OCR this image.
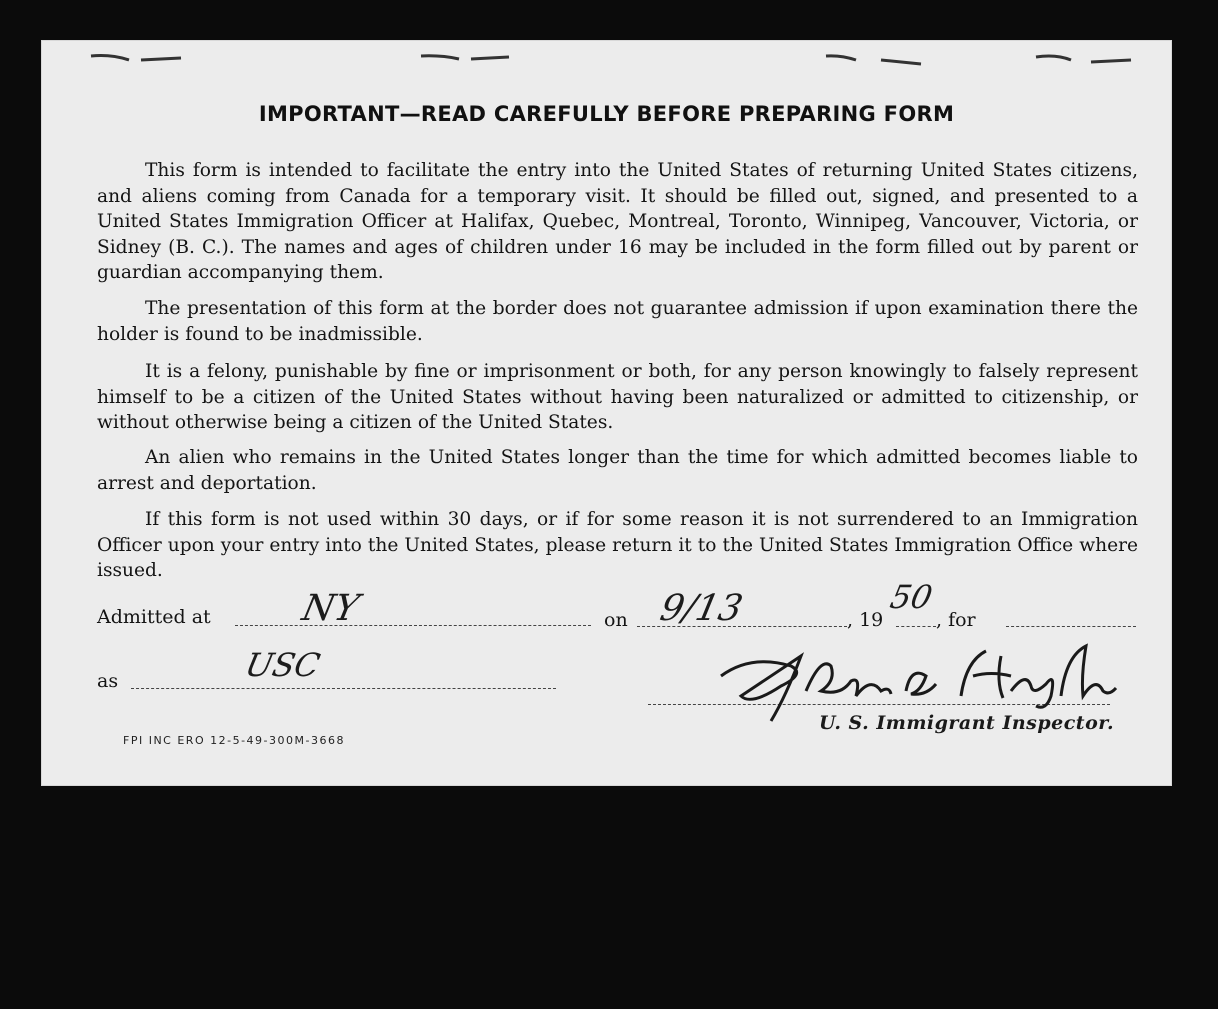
IMPORTANT—READ CAREFULLY BEFORE PREPARING FORM

This form is intended to facilitate the entry into the United States of returning United States citizens, and aliens coming from Canada for a temporary visit. It should be filled out, signed, and presented to a United States Immigration Officer at Halifax, Quebec, Montreal, Toronto, Winnipeg, Vancouver, Victoria, or Sidney (B. C.). The names and ages of children under 16 may be included in the form filled out by parent or guardian accompanying them.

The presentation of this form at the border does not guarantee admission if upon examination there the holder is found to be inadmissible.

It is a felony, punishable by fine or imprisonment or both, for any person knowingly to falsely represent himself to be a citizen of the United States without having been naturalized or admitted to citizenship, or without otherwise being a citizen of the United States.

An alien who remains in the United States longer than the time for which admitted becomes liable to arrest and deportation.

If this form is not used within 30 days, or if for some reason it is not surrendered to an Immigration Officer upon your entry into the United States, please return it to the United States Immigration Office where issued.

Admitted at NY	on 9/13	, 19
50
, for
as	USC
U. S. Immigrant Inspector.
FPI INC ERO 12-5-49-300M-3668
